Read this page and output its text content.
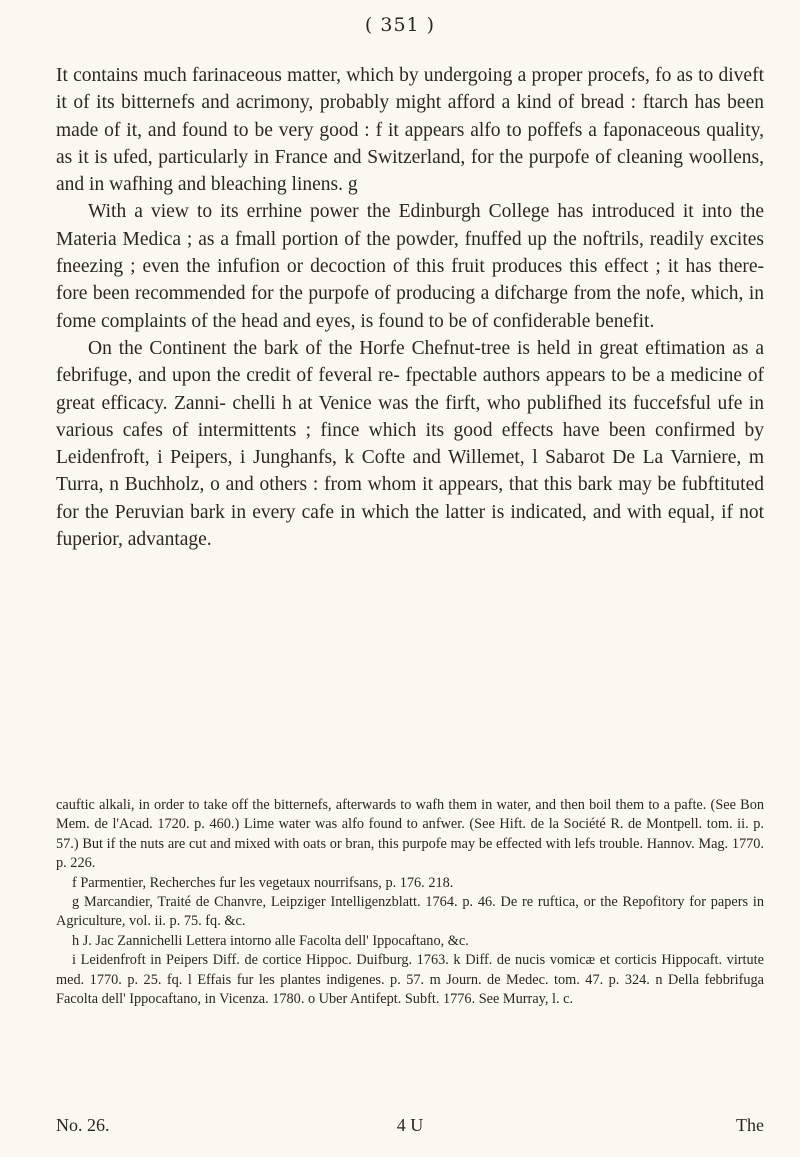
( 351 )

It contains much farinaceous matter, which by undergoing a proper procefs, fo as to diveft it of its bitternefs and acrimony, probably might afford a kind of bread : ftarch has been made of it, and found to be very good : f it appears alfo to poffefs a faponaceous quality, as it is ufed, particularly in France and Switzerland, for the purpofe of cleaning woollens, and in wafhing and bleaching linens. g

With a view to its errhine power the Edinburgh College has introduced it into the Materia Medica ; as a fmall portion of the powder, fnuffed up the noftrils, readily excites fneezing ; even the infufion or decoction of this fruit produces this effect ; it has there- fore been recommended for the purpofe of producing a difcharge from the nofe, which, in fome complaints of the head and eyes, is found to be of confiderable benefit.

On the Continent the bark of the Horfe Chefnut-tree is held in great eftimation as a febrifuge, and upon the credit of feveral re- fpectable authors appears to be a medicine of great efficacy. Zanni- chelli h at Venice was the firft, who publifhed its fuccefsful ufe in various cafes of intermittents ; fince which its good effects have been confirmed by Leidenfroft, i Peipers, i Junghanfs, k Cofte and Willemet, l Sabarot De La Varniere, m Turra, n Buchholz, o and others : from whom it appears, that this bark may be fubftituted for the Peruvian bark in every cafe in which the latter is indicated, and with equal, if not fuperior, advantage.

cauftic alkali, in order to take off the bitternefs, afterwards to wafh them in water, and then boil them to a pafte. (See Bon Mem. de l'Acad. 1720. p. 460.) Lime water was alfo found to anfwer. (See Hift. de la Société R. de Montpell. tom. ii. p. 57.) But if the nuts are cut and mixed with oats or bran, this purpofe may be effected with lefs trouble. Hannov. Mag. 1770. p. 226.

f Parmentier, Recherches fur les vegetaux nourrifsans, p. 176. 218.

g Marcandier, Traité de Chanvre, Leipziger Intelligenzblatt. 1764. p. 46. De re ruftica, or the Repofitory for papers in Agriculture, vol. ii. p. 75. fq. &c.

h J. Jac Zannichelli Lettera intorno alle Facolta dell' Ippocaftano, &c.

i Leidenfroft in Peipers Diff. de cortice Hippoc. Duifburg. 1763. k Diff. de nucis vomicæ et corticis Hippocaft. virtute med. 1770. p. 25. fq. l Effais fur les plantes indigenes. p. 57. m Journ. de Medec. tom. 47. p. 324. n Della febbrifuga Facolta dell' Ippocaftano, in Vicenza. 1780. o Uber Antifept. Subft. 1776. See Murray, l. c.

No. 26.	4 U	The
